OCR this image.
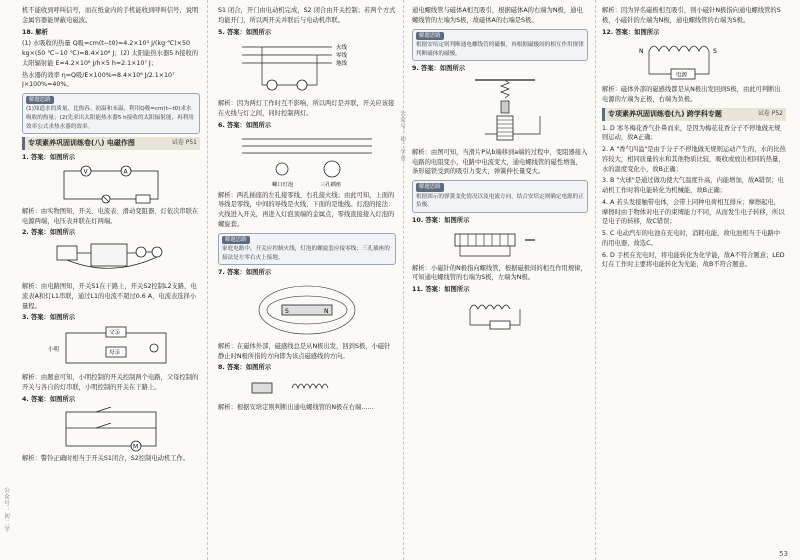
机不能收到呼叫信号，而在纸盒内的手机能收到呼叫信号，说明金属容器能屏蔽电磁波。

18. 解析

(1) 水吸收的热量 Q吸=cm(t−t0)=4.2×10³ J/(kg·℃)×50 kg×(50 ℃−10 ℃)=8.4×10⁶ J；(2) 太阳能热水器5 h接收的太阳辐射能 E=4.2×10⁶ J/h×5 h=2.1×10⁷ J；

热水器的效率 η=Q吸/E×100%=8.4×10⁶ J/2.1×10⁷ J×100%=40%。

解题思路
(1)知道水的质量、比热容、初温和末温，利用Q吸=cm(t−t0)求水吸收的热量；(2)先求出太阳能热水器5 h接收的太阳辐射能，再利用效率公式求热水器的效率。
专项素养巩固训练卷(八) 电磁作图	试卷 P51

1. 答案：如图所示

V	A

解析：由实物图知，开关、电流表、滑动变阻器、灯依次串联在电源两端，电压表并联在灯两端。

2. 答案：如图所示

解析：由电路图知，开关S1在干路上，开关S2控制L2支路，电流表A和灯L1串联，通过L1的电流不超过0.6 A，电流表选择小量程。

3. 答案：如图所示

父亲
小明	母亲

解析：由题意可知，小明控制的开关控制两个电路，父母控制的开关与各自的灯串联，小明控制的开关在干路上。

4. 答案：如图所示

M

解析：警铃正确时相当于开关S1闭合，S2控制电动机工作。

公众号：初二学

S1 闭合，开门由电动机完成，S2 闭合由开关控制；若两个方式均能开门，所以两开关并联后与电动机串联。

5. 答案：如图所示

火线
零线
地线

解析：因为两灯工作时互不影响，所以两灯是并联，开关应该接在火线与灯之间，同时控制两灯。

6. 答案：如图所示

螺口灯泡	三孔插座

解析：两孔插座的左孔接零线，右孔接火线；由此可知，上面的导线是零线，中间的导线是火线，下面的是地线。灯泡的接法：火线进入开关，再进入灯泡顶端的金属点，零线直接接入灯泡的螺旋套。

解题思路
家庭电路中，开关应控制火线，灯泡的螺旋套应接零线；三孔插座的接法是左零右火上接地。

7. 答案：如图所示

S	N

解析：在磁体外部，磁感线总是从N极出发，回到S极，小磁针静止时N极所指的方向即为该点磁感线的方向。

8. 答案：如图所示

解析：根据安培定则判断出通电螺线管的N极在右端……

公众号：初二学堂

通电螺线管与磁体A相互吸引，根据磁体A的右端为N极，通电螺线管的左端为S极，故磁体A的右端是S极。

解题思路
根据安培定则判断通电螺线管的磁极，再根据磁极间的相互作用规律判断磁体的磁极。

9. 答案：如图所示

解析：由图可知，当滑片P从b端移到a端的过程中，变阻器接入电路的电阻变小，电路中电流变大，通电螺线管的磁性增强，条形磁铁受到的吸引力变大，弹簧伸长量变大。

解题思路
根据图示的弹簧变化情况以及电流方向，结合安培定则确定电源的正负极。

10. 答案：如图所示

解析：小磁针的N极指向螺线管，根据磁极间的相互作用规律，可知通电螺线管的右端为S极，左端为N极。

11. 答案：如图所示

解析：因为异名磁极相互吸引，则小磁针N极指向通电螺线管的S极，小磁针的左端为N极，通电螺线管的右端为S极。

12. 答案：如图所示

N	S
电源

解析：磁体外部的磁感线都是从N极出发回到S极，由此可判断出电源的左端为正极，右端为负极。

专项素养巩固训练卷(九) 跨学科专题	试卷 P52

1. D 寒冬梅花香气扑鼻而来，是因为梅花花香分子不停地做无规则运动，故A正确；

2. A "香气四溢"是由于分子不停地做无规则运动产生的，水的比热容较大，相同质量的水和其他物质比较，吸收或放出相同的热量，水的温度变化小，故B正确；

3. B "火球"是通过做功使大气温度升高，内能增加，故A错误；电动机工作时将电能转化为机械能，故B正确；

4. A 若头发接触带电体，会带上同种电荷相互排斥；摩擦起电，摩擦时由于物体对电子的束缚能力不同，从而发生电子转移，所以是电子的转移，故C错误；

5. C 电动汽车的电池在充电时，消耗电能，故电池相当于电路中的用电器，故选C。

6. D 手机在充电时，将电能转化为化学能，故A不符合题意；LED灯在工作时主要将电能转化为光能，故B不符合题意。

53
